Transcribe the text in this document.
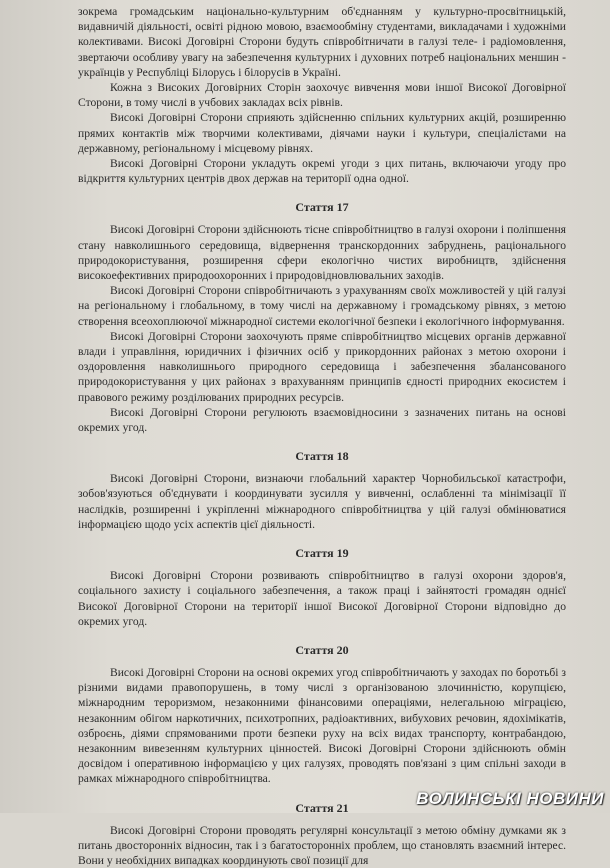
зокрема громадським національно-культурним об'єднанням у культурно-просвітницькій, видавничій діяльності, освіті рідною мовою, взаємообміну студентами, викладачами і художніми колективами. Високі Договірні Сторони будуть співробітничати в галузі теле- і радіомовлення, звертаючи особливу увагу на забезпечення культурних і духовних потреб національних меншин - українців у Республіці Білорусь і білорусів в Україні.

Кожна з Високих Договірних Сторін заохочує вивчення мови іншої Високої Договірної Сторони, в тому числі в учбових закладах всіх рівнів.

Високі Договірні Сторони сприяють здійсненню спільних культурних акцій, розширенню прямих контактів між творчими колективами, діячами науки і культури, спеціалістами на державному, регіональному і місцевому рівнях.

Високі Договірні Сторони укладуть окремі угоди з цих питань, включаючи угоду про відкриття культурних центрів двох держав на території одна одної.

Стаття 17

Високі Договірні Сторони здійснюють тісне співробітництво в галузі охорони і поліпшення стану навколишнього середовища, відвернення транскордонних забруднень, раціонального природокористування, розширення сфери екологічно чистих виробництв, здійснення високоефективних природоохоронних і природовідновлювальних заходів.

Високі Договірні Сторони співробітничають з урахуванням своїх можливостей у цій галузі на регіональному і глобальному, в тому числі на державному і громадському рівнях, з метою створення всеохоплюючої міжнародної системи екологічної безпеки і екологічного інформування.

Високі Договірні Сторони заохочують пряме співробітництво місцевих органів державної влади і управління, юридичних і фізичних осіб у прикордонних районах з метою охорони і оздоровлення навколишнього природного середовища і забезпечення збалансованого природокористування у цих районах з врахуванням принципів єдності природних екосистем і правового режиму розділюваних природних ресурсів.

Високі Договірні Сторони регулюють взаємовідносини з зазначених питань на основі окремих угод.

Стаття 18

Високі Договірні Сторони, визнаючи глобальний характер Чорнобильської катастрофи, зобов'язуються об'єднувати і координувати зусилля у вивченні, ослабленні та мінімізації її наслідків, розширенні і укріпленні міжнародного співробітництва у цій галузі обмінюватися інформацією щодо усіх аспектів цієї діяльності.

Стаття 19

Високі Договірні Сторони розвивають співробітництво в галузі охорони здоров'я, соціального захисту і соціального забезпечення, а також праці і зайнятості громадян однієї Високої Договірної Сторони на території іншої Високої Договірної Сторони відповідно до окремих угод.

Стаття 20

Високі Договірні Сторони на основі окремих угод співробітничають у заходах по боротьбі з різними видами правопорушень, в тому числі з організованою злочинністю, корупцією, міжнародним тероризмом, незаконними фінансовими операціями, нелегальною міграцією, незаконним обігом наркотичних, психотропних, радіоактивних, вибухових речовин, ядохімікатів, озброєнь, діями спрямованими проти безпеки руху на всіх видах транспорту, контрабандою, незаконним вивезенням культурних цінностей. Високі Договірні Сторони здійснюють обмін досвідом і оперативною інформацією у цих галузях, проводять пов'язані з цим спільні заходи в рамках міжнародного співробітництва.

Стаття 21

Високі Договірні Сторони проводять регулярні консультації з метою обміну думками як з питань двосторонніх відносин, так і з багатосторонніх проблем, що становлять взаємний інтерес. Вони у необхідних випадках координують свої позиції для

ВОЛИНСЬКІ НОВИНИ
